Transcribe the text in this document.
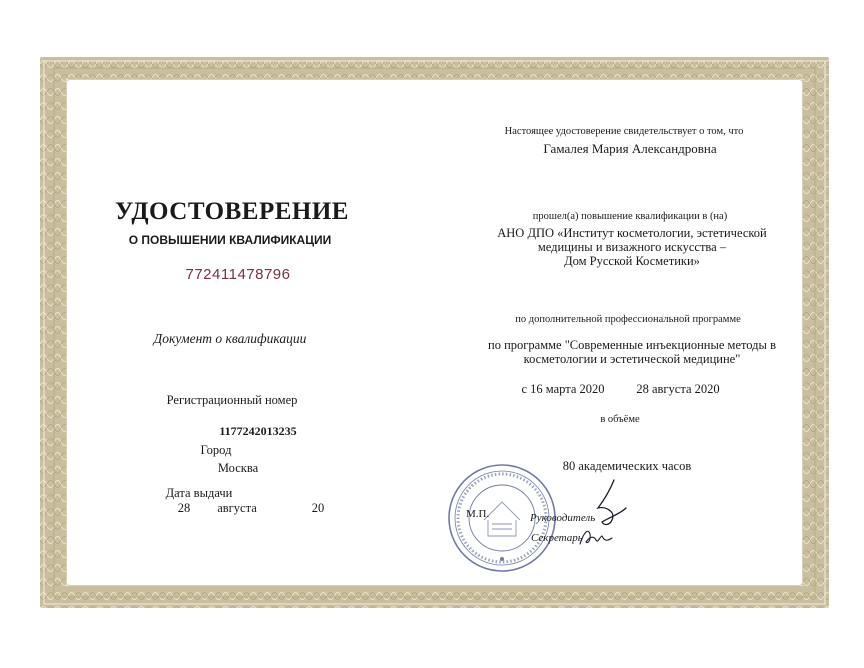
УДОСТОВЕРЕНИЕ
О ПОВЫШЕНИИ КВАЛИФИКАЦИИ
772411478796
Документ о квалификации
Регистрационный номер
1177242013235
Город
Москва
Дата выдачи
28 августа	20
Настоящее удостоверение свидетельствует о том, что
Гамалея Мария Александровна
прошел(а) повышение квалификации в (на)
АНО ДПО «Институт косметологии, эстетической
медицины и визажного искусства –
Дом Русской Косметики»
по дополнительной профессиональной программе
по программе "Современные инъекционные методы в
косметологии и эстетической медицине"
с 16 марта 2020	28 августа 2020
в объёме
80 академических часов
М.П.	Руководитель
Секретарь
